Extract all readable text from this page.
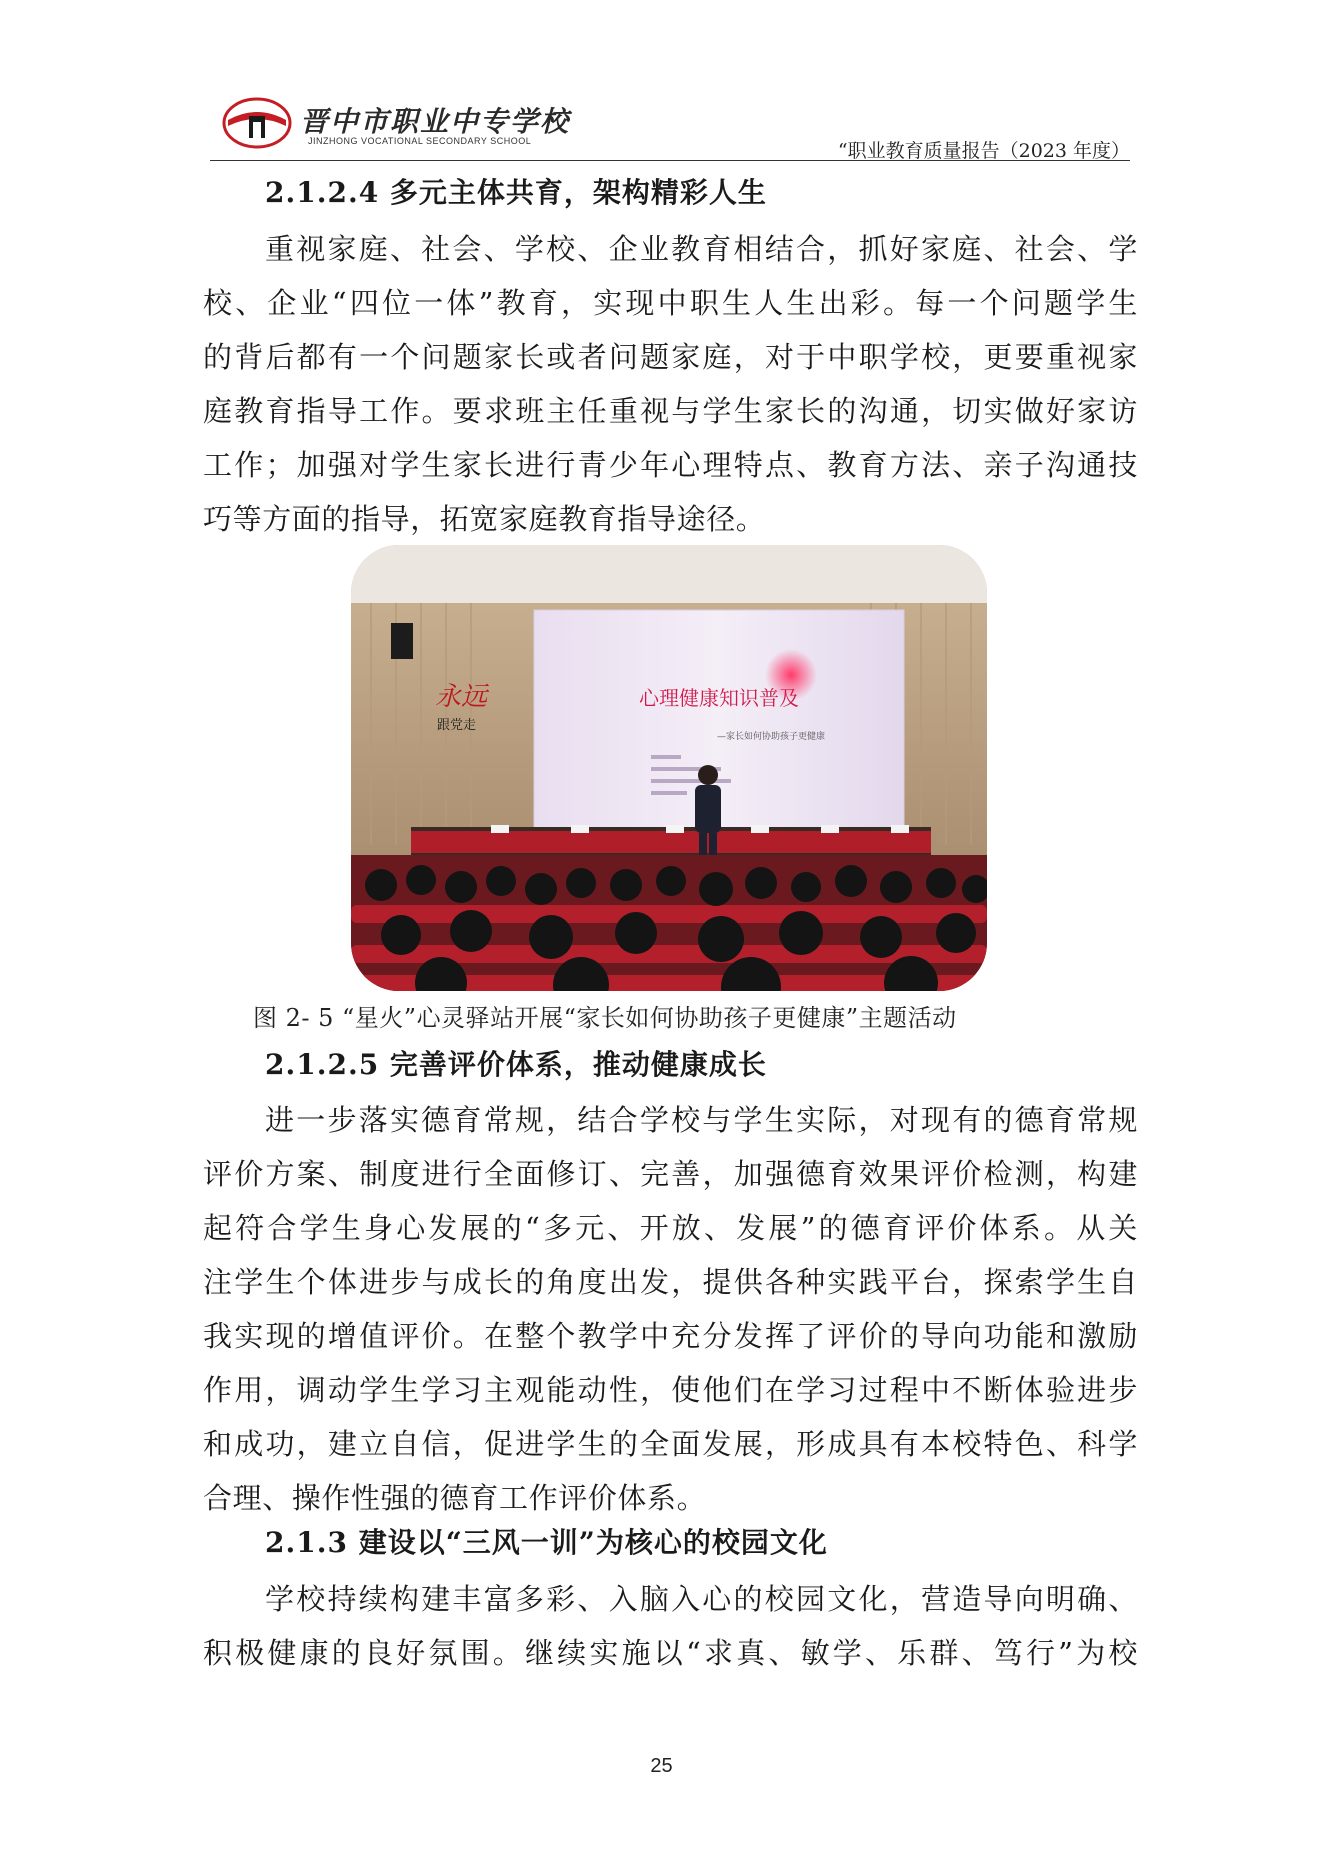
晋中市职业中专学校
JINZHONG VOCATIONAL SECONDARY SCHOOL	“职业教育质量报告（2023 年度）
2.1.2.4 多元主体共育，架构精彩人生
重视家庭、社会、学校、企业教育相结合，抓好家庭、社会、学
校、企业“四位一体”教育，实现中职生人生出彩。每一个问题学生
的背后都有一个问题家长或者问题家庭，对于中职学校，更要重视家
庭教育指导工作。要求班主任重视与学生家长的沟通，切实做好家访
工作；加强对学生家长进行青少年心理特点、教育方法、亲子沟通技
巧等方面的指导，拓宽家庭教育指导途径。
2.1.2.5 完善评价体系，推动健康成长
进一步落实德育常规，结合学校与学生实际，对现有的德育常规
评价方案、制度进行全面修订、完善，加强德育效果评价检测，构建
起符合学生身心发展的“多元、开放、发展”的德育评价体系。从关
注学生个体进步与成长的角度出发，提供各种实践平台，探索学生自
我实现的增值评价。在整个教学中充分发挥了评价的导向功能和激励
作用，调动学生学习主观能动性，使他们在学习过程中不断体验进步
和成功，建立自信，促进学生的全面发展，形成具有本校特色、科学
合理、操作性强的德育工作评价体系。
2.1.3 建设以“三风一训”为核心的校园文化
学校持续构建丰富多彩、入脑入心的校园文化，营造导向明确、
积极健康的良好氛围。继续实施以“求真、敏学、乐群、笃行”为校
永远
跟党走
心理健康知识普及
—家长如何协助孩子更健康
图 2- 5 “星火”心灵驿站开展“家长如何协助孩子更健康”主题活动
25
